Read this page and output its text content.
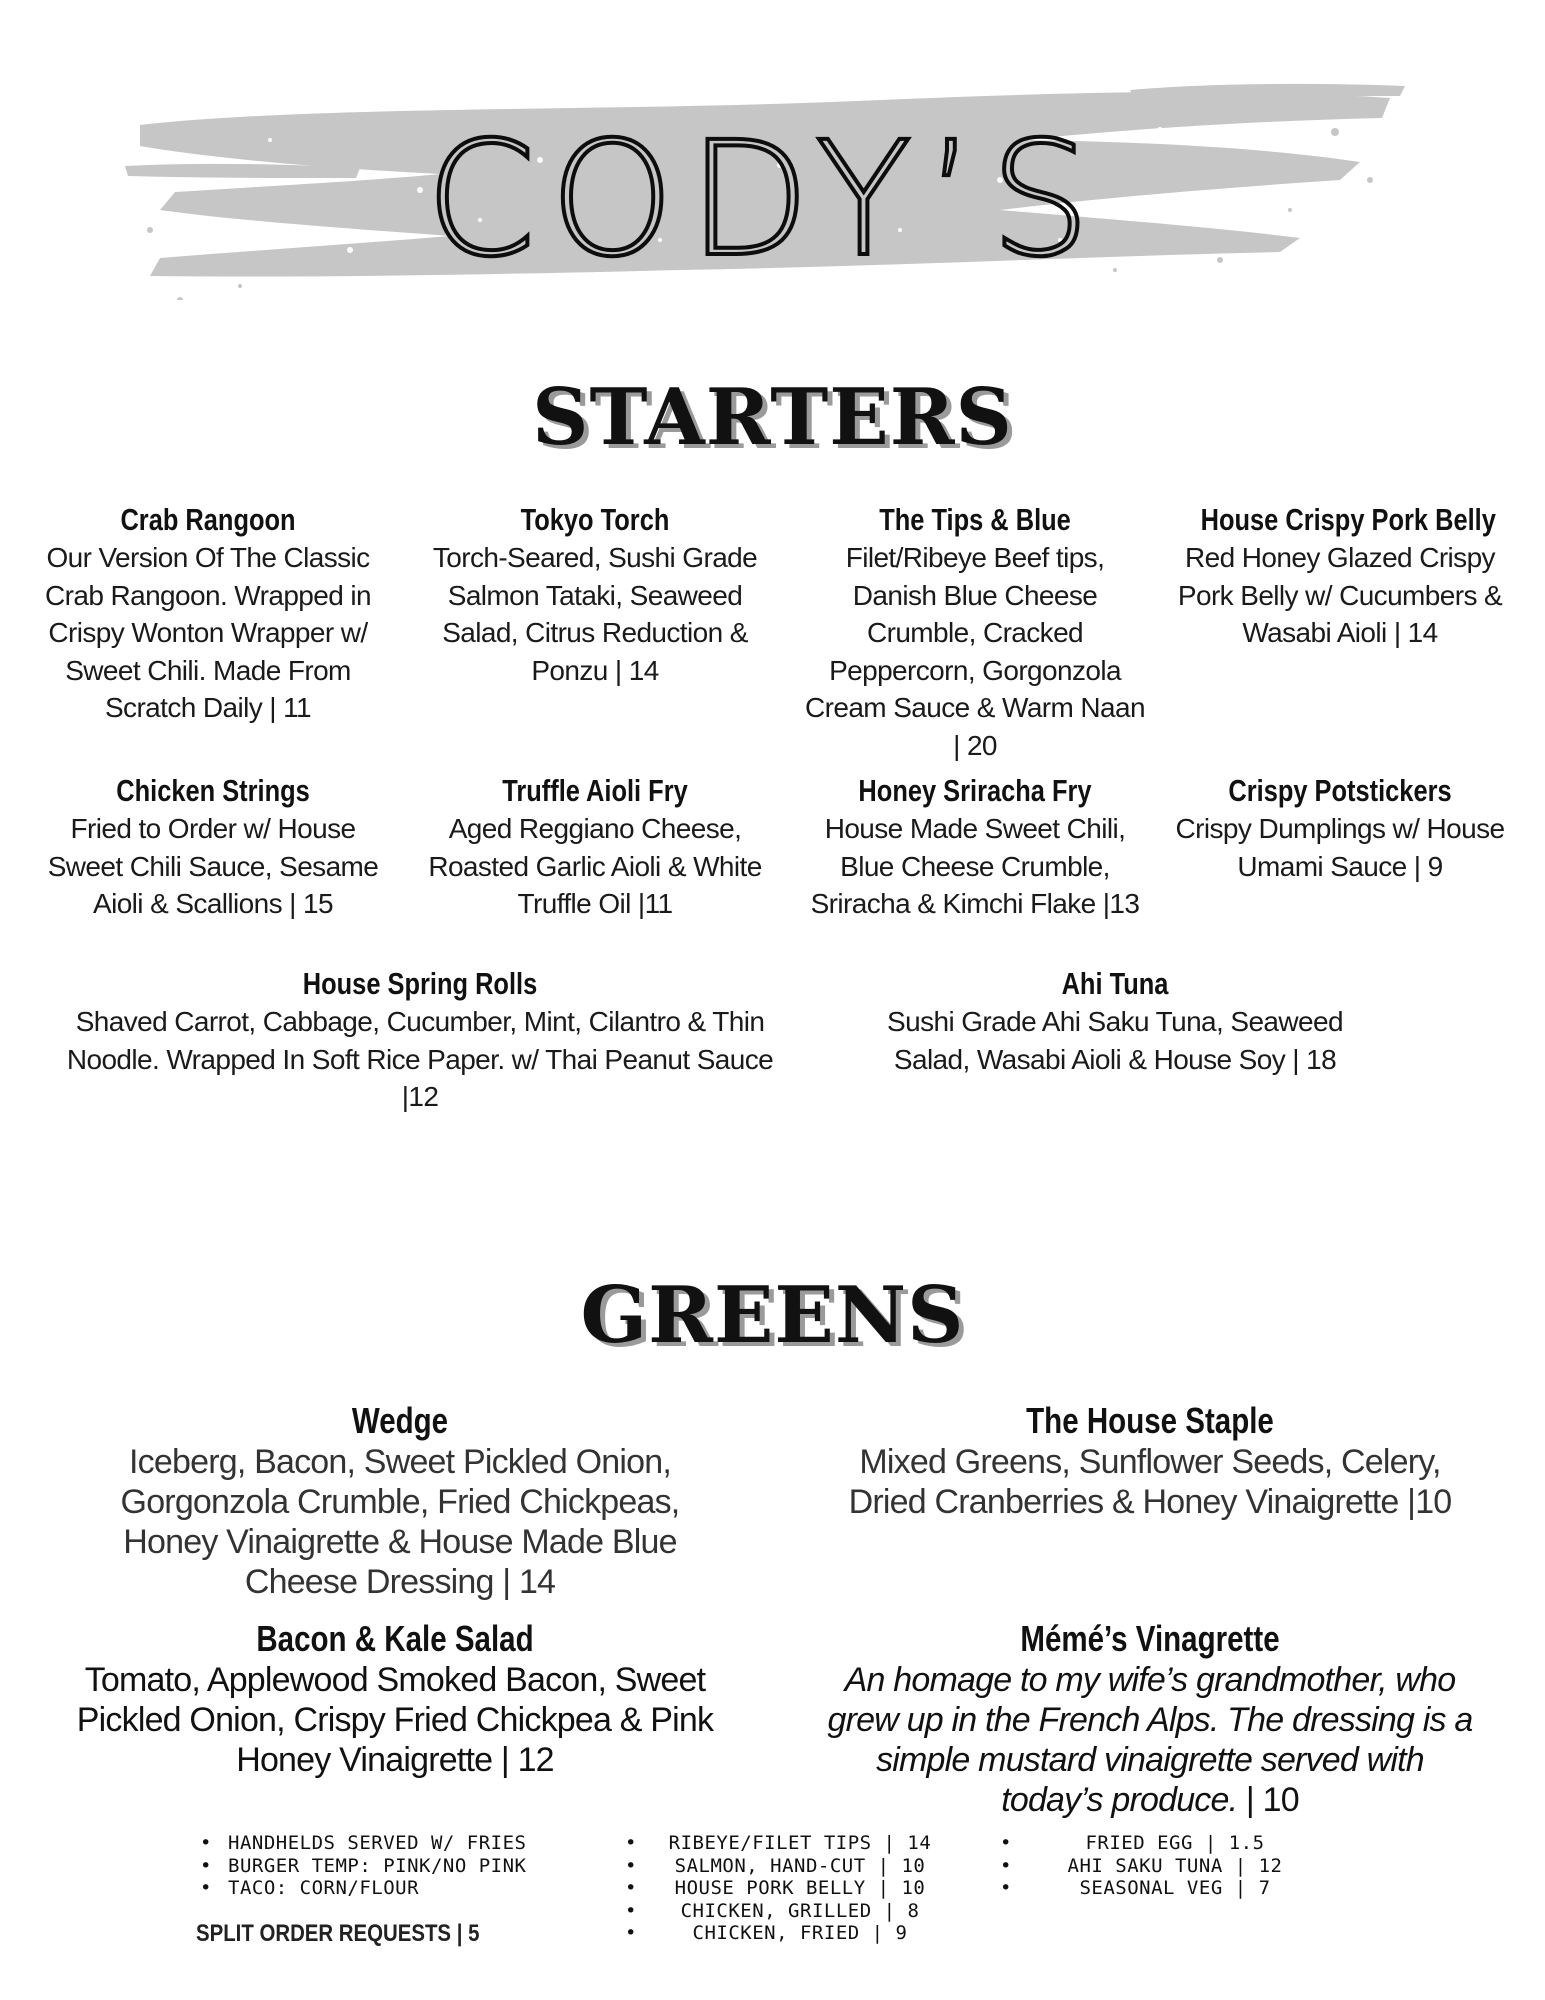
CODY’S
STARTERS
Crab Rangoon
Our Version Of The Classic Crab Rangoon. Wrapped in Crispy Wonton Wrapper w/ Sweet Chili. Made From Scratch Daily | 11
Tokyo Torch
Torch-Seared, Sushi Grade Salmon Tataki, Seaweed Salad, Citrus Reduction & Ponzu | 14
The Tips & Blue
Filet/Ribeye Beef tips, Danish Blue Cheese Crumble, Cracked Peppercorn, Gorgonzola Cream Sauce & Warm Naan | 20
House Crispy Pork Belly
Red Honey Glazed Crispy Pork Belly w/ Cucumbers & Wasabi Aioli | 14
Chicken Strings
Fried to Order w/ House Sweet Chili Sauce, Sesame Aioli & Scallions | 15
Truffle Aioli Fry
Aged Reggiano Cheese, Roasted Garlic Aioli & White Truffle Oil |11
Honey Sriracha Fry
House Made Sweet Chili, Blue Cheese Crumble, Sriracha & Kimchi Flake |13
Crispy Potstickers
Crispy Dumplings w/ House Umami Sauce | 9
House Spring Rolls
Shaved Carrot, Cabbage, Cucumber, Mint, Cilantro & Thin Noodle. Wrapped In Soft Rice Paper. w/ Thai Peanut Sauce |12
Ahi Tuna
Sushi Grade Ahi Saku Tuna, Seaweed Salad, Wasabi Aioli & House Soy | 18
GREENS
Wedge
Iceberg, Bacon, Sweet Pickled Onion, Gorgonzola Crumble, Fried Chickpeas, Honey Vinaigrette & House Made Blue Cheese Dressing | 14
The House Staple
Mixed Greens, Sunflower Seeds, Celery, Dried Cranberries & Honey Vinaigrette |10
Bacon & Kale Salad
Tomato, Applewood Smoked Bacon, Sweet Pickled Onion, Crispy Fried Chickpea & Pink Honey Vinaigrette | 12
Mémé’s Vinagrette
An homage to my wife’s grandmother, who grew up in the French Alps. The dressing is a simple mustard vinaigrette served with today’s produce. | 10
• HANDHELDS SERVED W/ FRIES
• BURGER TEMP: PINK/NO PINK
• TACO: CORN/FLOUR
• RIBEYE/FILET TIPS | 14
• SALMON, HAND-CUT | 10
• HOUSE PORK BELLY | 10
• CHICKEN, GRILLED | 8
• CHICKEN, FRIED | 9
• FRIED EGG | 1.5
• AHI SAKU TUNA | 12
• SEASONAL VEG | 7
SPLIT ORDER REQUESTS | 5
